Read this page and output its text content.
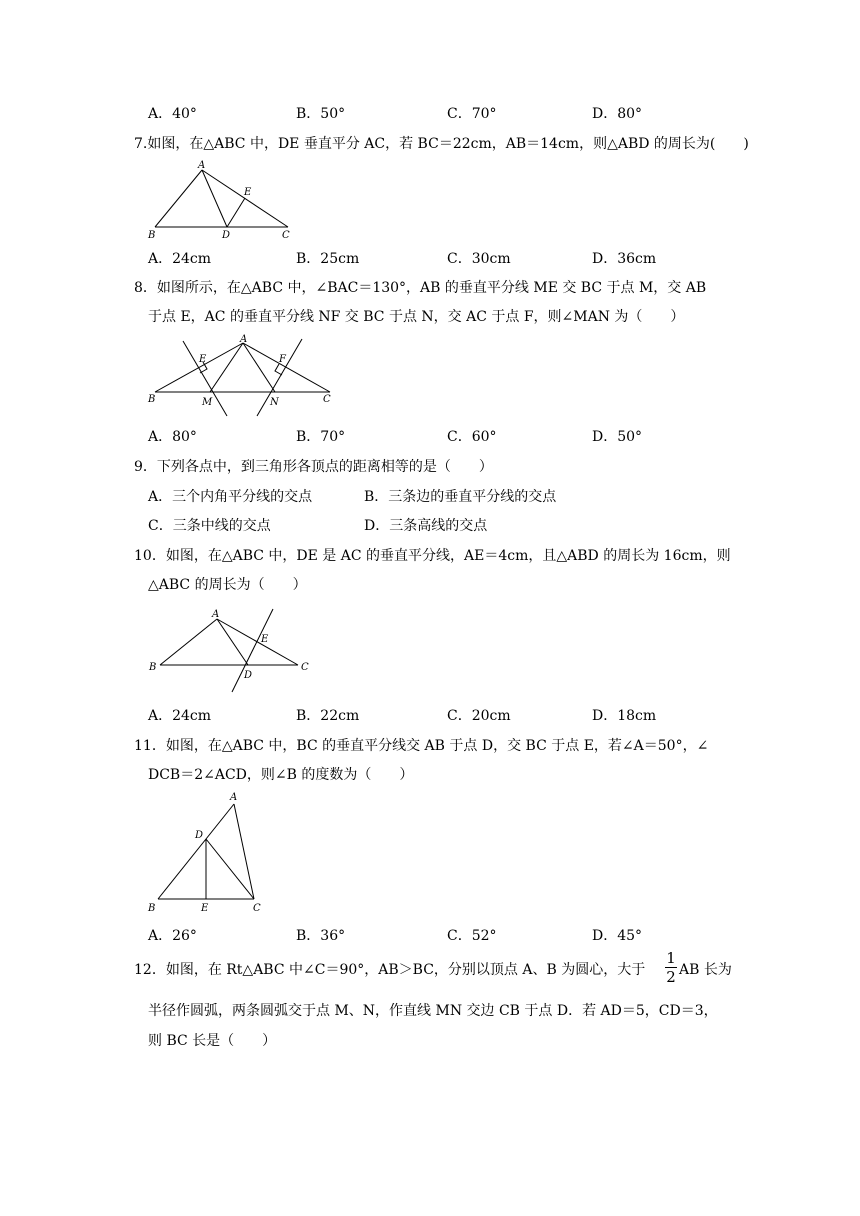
A．40°	B．50°	C．70°	D．80°
7.如图，在△ABC 中，DE 垂直平分 AC，若 BC＝22cm，AB＝14cm，则△ABD 的周长为(　　)
A
B	C
D
E
A．24cm	B．25cm	C．30cm	D．36cm
8．如图所示，在△ABC 中，∠BAC＝130°，AB 的垂直平分线 ME 交 BC 于点 M，交 AB
于点 E，AC 的垂直平分线 NF 交 BC 于点 N，交 AC 于点 F，则∠MAN 为（　　）
A
B	C
E	F
M	N
A．80°	B．70°	C．60°	D．50°
9．下列各点中，到三角形各顶点的距离相等的是（　　）
A．三个内角平分线的交点	B．三条边的垂直平分线的交点
C．三条中线的交点	D．三条高线的交点
10．如图，在△ABC 中，DE 是 AC 的垂直平分线，AE＝4cm，且△ABD 的周长为 16cm，则
△ABC 的周长为（　　）
A
B	C
D
E
A．24cm	B．22cm	C．20cm	D．18cm
11．如图，在△ABC 中，BC 的垂直平分线交 AB 于点 D，交 BC 于点 E，若∠A＝50°，∠
DCB＝2∠ACD，则∠B 的度数为（　　）
A
B	C
D
E
A．26°	B．36°	C．52°	D．45°
12．如图，在 Rt△ABC 中∠C＝90°，AB＞BC，分别以顶点 A、B 为圆心，大于
1
2 AB 长为
半径作圆弧，两条圆弧交于点 M、N，作直线 MN 交边 CB 于点 D．若 AD＝5，CD＝3，
则 BC 长是（　　）
